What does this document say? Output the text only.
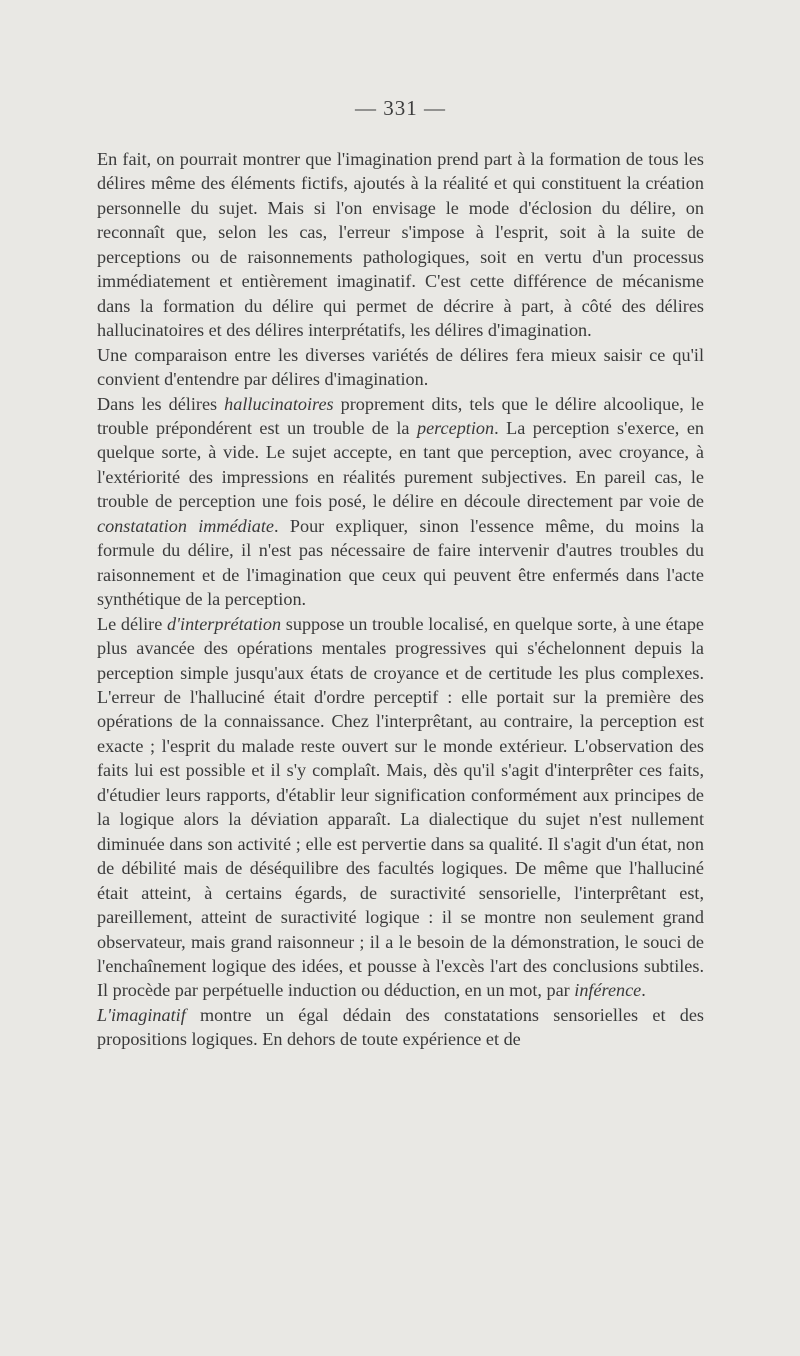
— 331 —

En fait, on pourrait montrer que l'imagination prend part à la formation de tous les délires même des éléments fictifs, ajoutés à la réalité et qui constituent la création personnelle du sujet. Mais si l'on envisage le mode d'éclosion du délire, on reconnaît que, selon les cas, l'erreur s'impose à l'esprit, soit à la suite de perceptions ou de raisonnements pathologiques, soit en vertu d'un processus immédiatement et entièrement imaginatif. C'est cette différence de mécanisme dans la formation du délire qui permet de décrire à part, à côté des délires hallucinatoires et des délires interprétatifs, les délires d'imagination.

Une comparaison entre les diverses variétés de délires fera mieux saisir ce qu'il convient d'entendre par délires d'imagination.

Dans les délires hallucinatoires proprement dits, tels que le délire alcoolique, le trouble prépondérent est un trouble de la perception. La perception s'exerce, en quelque sorte, à vide. Le sujet accepte, en tant que perception, avec croyance, à l'extériorité des impressions en réalités purement subjectives. En pareil cas, le trouble de perception une fois posé, le délire en découle directement par voie de constatation immédiate. Pour expliquer, sinon l'essence même, du moins la formule du délire, il n'est pas nécessaire de faire intervenir d'autres troubles du raisonnement et de l'imagination que ceux qui peuvent être enfermés dans l'acte synthétique de la perception.

Le délire d'interprétation suppose un trouble localisé, en quelque sorte, à une étape plus avancée des opérations mentales progressives qui s'échelonnent depuis la perception simple jusqu'aux états de croyance et de certitude les plus complexes. L'erreur de l'halluciné était d'ordre perceptif : elle portait sur la première des opérations de la connaissance. Chez l'interprêtant, au contraire, la perception est exacte ; l'esprit du malade reste ouvert sur le monde extérieur. L'observation des faits lui est possible et il s'y complaît. Mais, dès qu'il s'agit d'interprêter ces faits, d'étudier leurs rapports, d'établir leur signification conformément aux principes de la logique alors la déviation apparaît. La dialectique du sujet n'est nullement diminuée dans son activité ; elle est pervertie dans sa qualité. Il s'agit d'un état, non de débilité mais de déséquilibre des facultés logiques. De même que l'halluciné était atteint, à certains égards, de suractivité sensorielle, l'interprêtant est, pareillement, atteint de suractivité logique : il se montre non seulement grand observateur, mais grand raisonneur ; il a le besoin de la démonstration, le souci de l'enchaînement logique des idées, et pousse à l'excès l'art des conclusions subtiles. Il procède par perpétuelle induction ou déduction, en un mot, par inférence.

L'imaginatif montre un égal dédain des constatations sensorielles et des propositions logiques. En dehors de toute expérience et de
